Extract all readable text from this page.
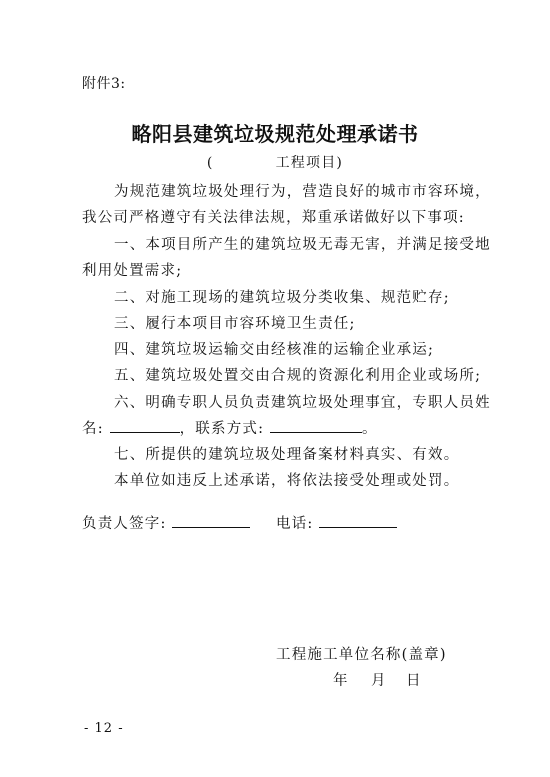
附件3:
略阳县建筑垃圾规范处理承诺书
(	工程项目)
为规范建筑垃圾处理行为，营造良好的城市市容环境，
我公司严格遵守有关法律法规，郑重承诺做好以下事项:
一、本项目所产生的建筑垃圾无毒无害，并满足接受地
利用处置需求;
二、对施工现场的建筑垃圾分类收集、规范贮存;
三、履行本项目市容环境卫生责任;
四、建筑垃圾运输交由经核准的运输企业承运;
五、建筑垃圾处置交由合规的资源化利用企业或场所;
六、明确专职人员负责建筑垃圾处理事宜，专职人员姓
名:	，联系方式:	。
七、所提供的建筑垃圾处理备案材料真实、有效。
本单位如违反上述承诺，将依法接受处理或处罚。
负责人签字:	电话:
工程施工单位名称(盖章)
年 月 日
- 12 -
